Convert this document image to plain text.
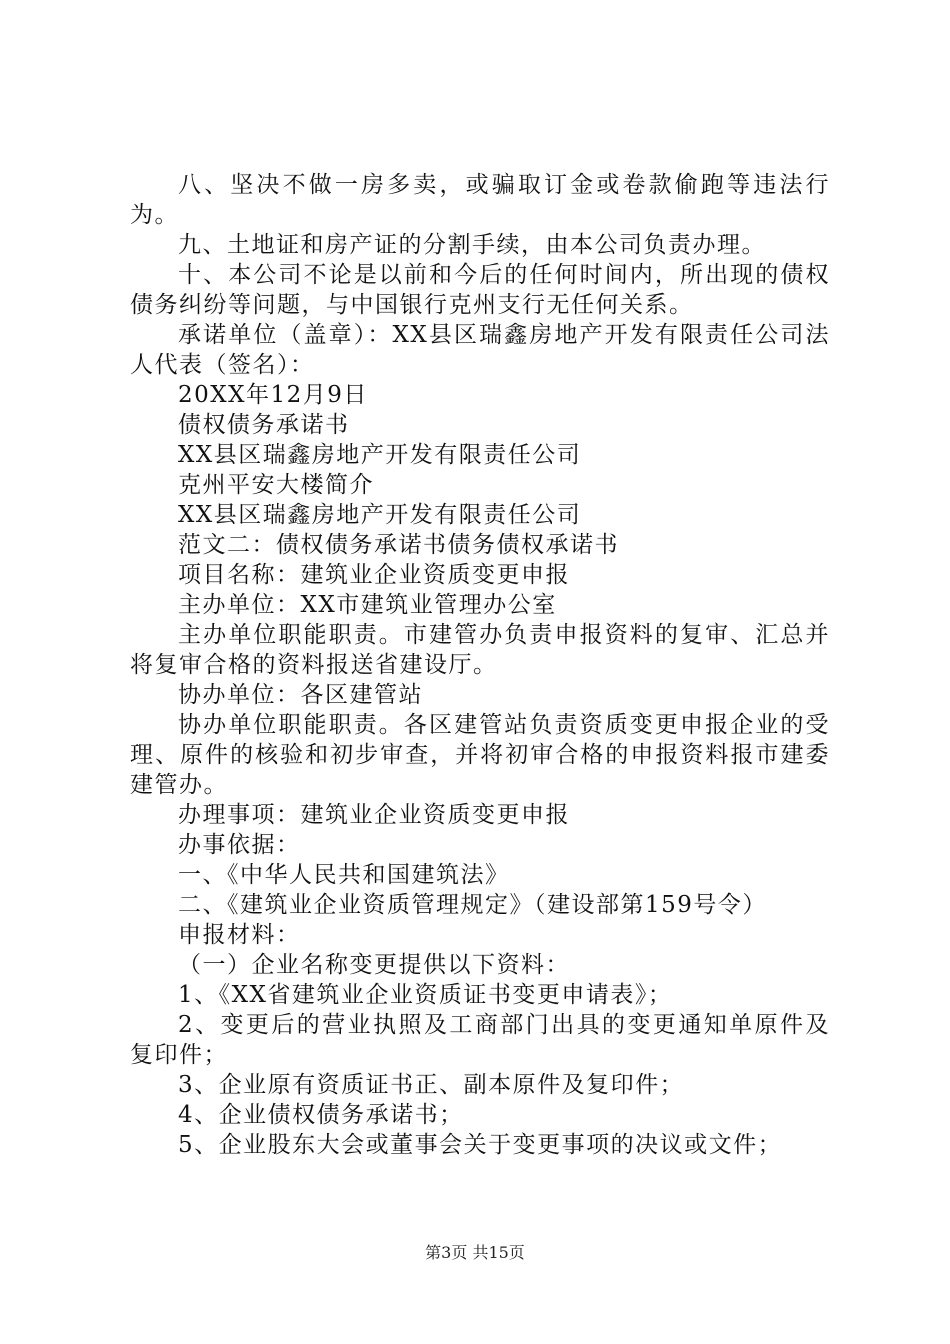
八、坚决不做一房多卖，或骗取订金或卷款偷跑等违法行为。

九、土地证和房产证的分割手续，由本公司负责办理。

十、本公司不论是以前和今后的任何时间内，所出现的债权债务纠纷等问题，与中国银行克州支行无任何关系。

承诺单位（盖章）：XX县区瑞鑫房地产开发有限责任公司法人代表（签名）：

20XX年12月9日

债权债务承诺书

XX县区瑞鑫房地产开发有限责任公司

克州平安大楼简介

XX县区瑞鑫房地产开发有限责任公司

范文二：债权债务承诺书债务债权承诺书

项目名称：建筑业企业资质变更申报

主办单位：XX市建筑业管理办公室

主办单位职能职责。市建管办负责申报资料的复审、汇总并将复审合格的资料报送省建设厅。

协办单位：各区建管站

协办单位职能职责。各区建管站负责资质变更申报企业的受理、原件的核验和初步审查，并将初审合格的申报资料报市建委建管办。

办理事项：建筑业企业资质变更申报

办事依据：

一、《中华人民共和国建筑法》

二、《建筑业企业资质管理规定》（建设部第159号令）

申报材料：

（一）企业名称变更提供以下资料：

1、《XX省建筑业企业资质证书变更申请表》；

2、变更后的营业执照及工商部门出具的变更通知单原件及复印件；

3、企业原有资质证书正、副本原件及复印件；

4、企业债权债务承诺书；

5、企业股东大会或董事会关于变更事项的决议或文件；

第3页 共15页
